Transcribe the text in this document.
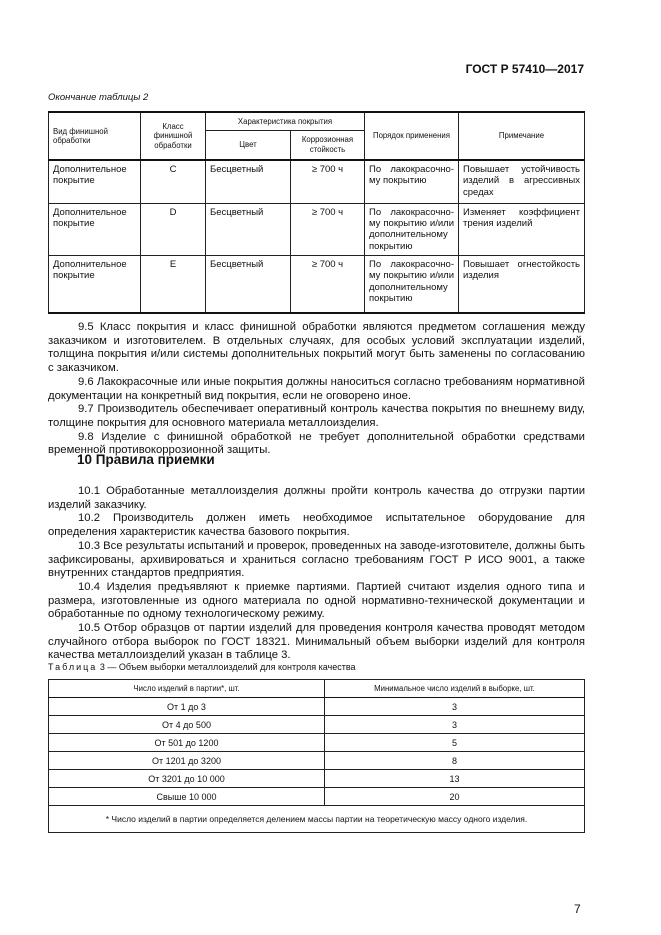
ГОСТ Р 57410—2017
Окончание таблицы 2
Вид финишной обработки	Класс финишной обработки	Характеристика покрытия		Порядок применения	Примечание
		Цвет	Коррозионная стойкость		
Дополнительное покрытие	C	Бесцветный	≥ 700 ч	По лакокрасочно-му покрытию	Повышает устойчивость изделий в агрессивных средах
Дополнительное покрытие	D	Бесцветный	≥ 700 ч	По лакокрасочно-му покрытию и/или дополнительному покрытию	Изменяет коэффициент трения изделий
Дополнительное покрытие	E	Бесцветный	≥ 700 ч	По лакокрасочно-му покрытию и/или дополнительному покрытию	Повышает огнестойкость изделия

9.5 Класс покрытия и класс финишной обработки являются предметом соглашения между заказчиком и изготовителем. В отдельных случаях, для особых условий эксплуатации изделий, толщина покрытия и/или системы дополнительных покрытий могут быть заменены по согласованию с заказчиком.

9.6 Лакокрасочные или иные покрытия должны наноситься согласно требованиям нормативной документации на конкретный вид покрытия, если не оговорено иное.

9.7 Производитель обеспечивает оперативный контроль качества покрытия по внешнему виду, толщине покрытия для основного материала металлоизделия.

9.8 Изделие с финишной обработкой не требует дополнительной обработки средствами временной противокоррозионной защиты.

10 Правила приемки

10.1 Обработанные металлоизделия должны пройти контроль качества до отгрузки партии изделий заказчику.

10.2 Производитель должен иметь необходимое испытательное оборудование для определения характеристик качества базового покрытия.

10.3 Все результаты испытаний и проверок, проведенных на заводе-изготовителе, должны быть зафиксированы, архивироваться и храниться согласно требованиям ГОСТ Р ИСО 9001, а также внутренних стандартов предприятия.

10.4 Изделия предъявляют к приемке партиями. Партией считают изделия одного типа и размера, изготовленные из одного материала по одной нормативно-технической документации и обработанные по одному технологическому режиму.

10.5 Отбор образцов от партии изделий для проведения контроля качества проводят методом случайного отбора выборок по ГОСТ 18321. Минимальный объем выборки изделий для контроля качества металлоизделий указан в таблице 3.

Таблица 3 — Объем выборки металлоизделий для контроля качества
Число изделий в партии*, шт.	Минимальное число изделий в выборке, шт.
От 1 до 3	3
От 4 до 500	3
От 501 до 1200	5
От 1201 до 3200	8
От 3201 до 10 000	13
Свыше 10 000	20
* Число изделий в партии определяется делением массы партии на теоретическую массу одного изделия.	
7
